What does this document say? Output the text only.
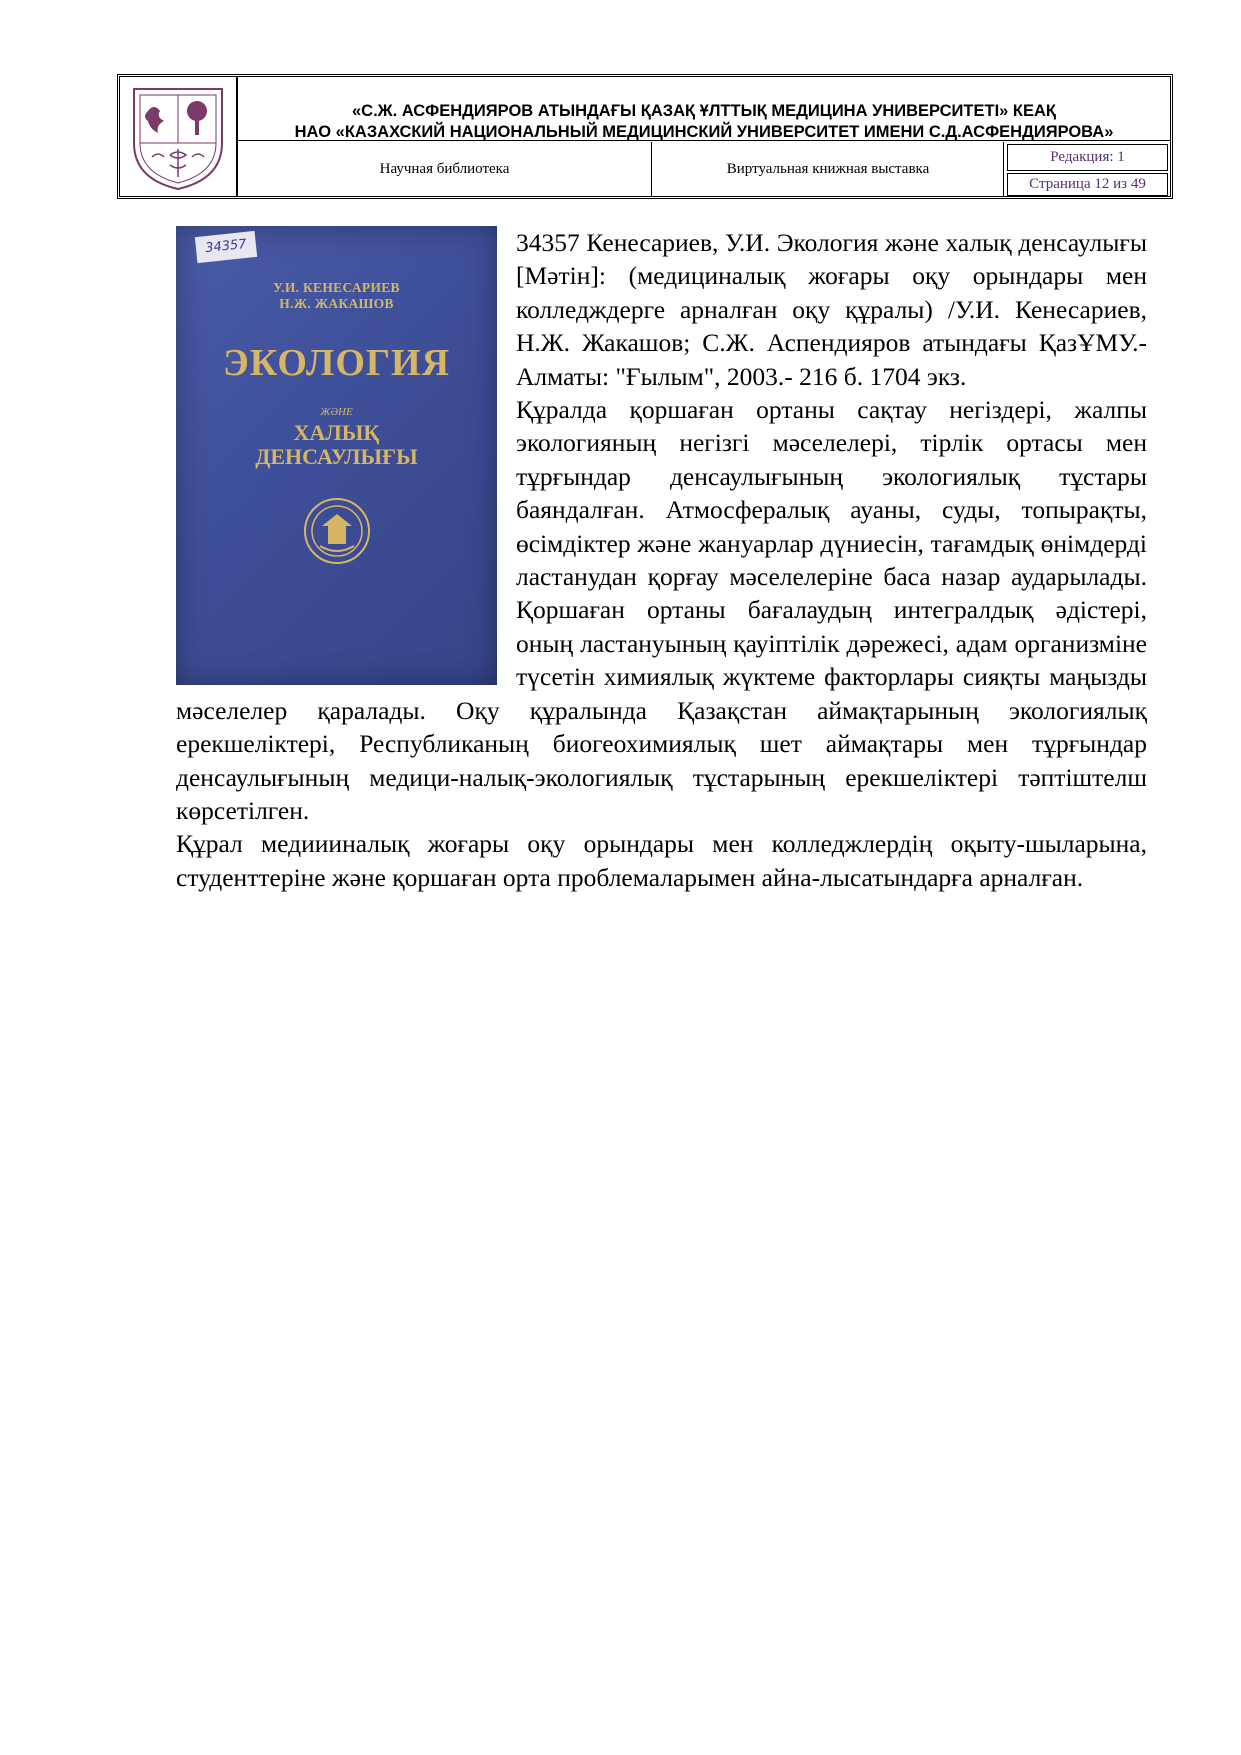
«С.Ж. АСФЕНДИЯРОВ АТЫНДАҒЫ ҚАЗАҚ ҰЛТТЫҚ МЕДИЦИНА УНИВЕРСИТЕТІ» КЕАҚ
НАО «КАЗАХСКИЙ НАЦИОНАЛЬНЫЙ МЕДИЦИНСКИЙ УНИВЕРСИТЕТ ИМЕНИ С.Д.АСФЕНДИЯРОВА»
Научная библиотека	Виртуальная книжная выставка
Редакция: 1
Страница 12 из 49
34357
У.И. КЕНЕСАРИЕВ
Н.Ж. ЖАКАШОВ
ЭКОЛОГИЯ
ЖӘНЕ
ХАЛЫҚ
ДЕНСАУЛЫҒЫ

34357 Кенесариев, У.И. Экология және халық денсаулығы [Мәтін]: (медициналық жоғары оқу орындары мен колледждерге арналған оқу құралы) /У.И. Кенесариев, Н.Ж. Жакашов; С.Ж. Аспендияров атындағы ҚазҰМУ.- Алматы: "Ғылым", 2003.- 216 б. 1704 экз.

Құралда қоршаған ортаны сақтау негіздері, жалпы экологияның негізгі мәселелері, тірлік ортасы мен тұрғындар денсаулығының экологиялық тұстары баяндалған. Атмосфералық ауаны, суды, топырақты, өсімдіктер және жануарлар дүниесін, тағамдық өнімдерді ластанудан қорғау мәселелеріне баса назар аударылады. Қоршаған ортаны бағалаудың интегралдық әдістері, оның ластануының қауіптілік дәрежесі, адам организміне түсетін химиялық жүктеме факторлары сияқты маңызды мәселелер қаралады. Оқу құралында Қазақстан аймақтарының экологиялық ерекшеліктері, Республиканың биогеохимиялық шет аймақтары мен тұрғындар денсаулығының медици-налық-экологиялық тұстарының ерекшеліктері тәптіштелш көрсетілген.

Құрал медиииналық жоғары оқу орындары мен колледжлердің оқыту-шыларына, студенттеріне және қоршаған орта проблемаларымен айна-лысатындарға арналған.
